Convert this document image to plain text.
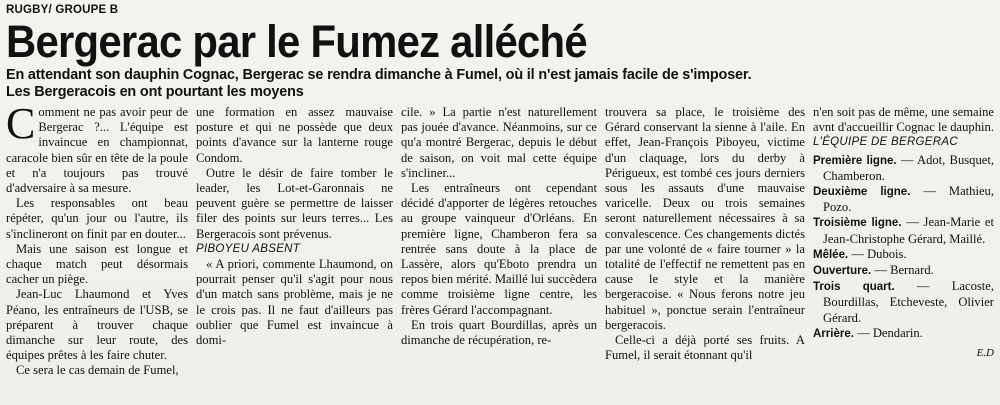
RUGBY/ GROUPE B
Bergerac par le Fumez alléché
En attendant son dauphin Cognac, Bergerac se rendra dimanche à Fumel, où il n'est jamais facile de s'imposer.
Les Bergeracois en ont pourtant les moyens

Comment ne pas avoir peur de Bergerac ?... L'équipe est invaincue en championnat, caracole bien sûr en tête de la poule et n'a toujours pas trouvé d'adversaire à sa mesure.

Les responsables ont beau répéter, qu'un jour ou l'autre, ils s'inclineront on finit par en douter...

Mais une saison est longue et chaque match peut désormais cacher un piège.

Jean-Luc Lhaumond et Yves Péano, les entraîneurs de l'USB, se préparent à trouver chaque dimanche sur leur route, des équipes prêtes à les faire chuter.

Ce sera le cas demain de Fumel,

une formation en assez mauvaise posture et qui ne possède que deux points d'avance sur la lanterne rouge Condom.

Outre le désir de faire tomber le leader, les Lot-et-Garonnais ne peuvent guère se permettre de laisser filer des points sur leurs terres... Les Bergeracois sont prévenus.

PIBOYEU ABSENT

« A priori, commente Lhaumond, on pourrait penser qu'il s'agit pour nous d'un match sans problème, mais je ne le crois pas. Il ne faut d'ailleurs pas oublier que Fumel est invaincue à domi-

cile. » La partie n'est naturellement pas jouée d'avance. Néanmoins, sur ce qu'a montré Bergerac, depuis le début de saison, on voit mal cette équipe s'incliner...

Les entraîneurs ont cependant décidé d'apporter de légères retouches au groupe vainqueur d'Orléans. En première ligne, Chamberon fera sa rentrée sans doute à la place de Lassère, alors qu'Eboto prendra un repos bien mérité. Maillé lui succèdera comme troisième ligne centre, les frères Gérard l'accompagnant.

En trois quart Bourdillas, après un dimanche de récupération, re-

trouvera sa place, le troisième des Gérard conservant la sienne à l'aile. En effet, Jean-François Piboyeu, victime d'un claquage, lors du derby à Périgueux, est tombé ces jours derniers sous les assauts d'une mauvaise varicelle. Deux ou trois semaines seront naturellement nécessaires à sa convalescence. Ces changements dictés par une volonté de « faire tourner » la totalité de l'effectif ne remettent pas en cause le style et la manière bergeracoise. « Nous ferons notre jeu habituel », ponctue serain l'entraîneur bergeracois.

Celle-ci a déjà porté ses fruits. A Fumel, il serait étonnant qu'il

n'en soit pas de même, une semaine avnt d'accueillir Cognac le dauphin.

L'ÉQUIPE DE BERGERAC

Première ligne. — Adot, Busquet, Chamberon.

Deuxième ligne. — Mathieu, Pozo.

Troisième ligne. — Jean-Marie et Jean-Christophe Gérard, Maillé.

Mêlée. — Dubois.

Ouverture. — Bernard.

Trois quart. — Lacoste, Bourdillas, Etcheveste, Olivier Gérard.

Arrière. — Dendarin.

E.D
